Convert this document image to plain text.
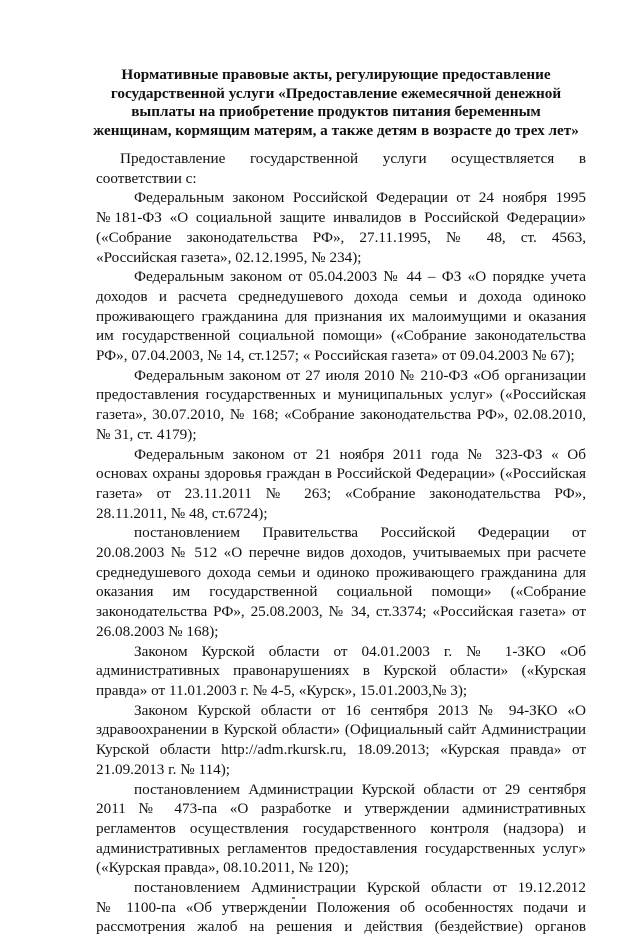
Нормативные правовые акты, регулирующие предоставление
государственной услуги «Предоставление ежемесячной денежной
выплаты на приобретение продуктов питания беременным
женщинам, кормящим матерям, а также детям в возрасте до трех лет»
Предоставление государственной услуги осуществляется в
соответствии с:
Федеральным законом Российской Федерации от 24 ноября 1995
№181-ФЗ «О социальной защите инвалидов в Российской Федерации»
(«Собрание законодательства РФ», 27.11.1995, № 48, ст. 4563,
«Российская газета», 02.12.1995, № 234);
Федеральным законом от 05.04.2003 № 44 – ФЗ «О порядке учета
доходов и расчета среднедушевого дохода семьи и дохода одиноко
проживающего гражданина для признания их малоимущими и оказания
им государственной социальной помощи» («Собрание законодательства
РФ», 07.04.2003, № 14, ст.1257; « Российская газета» от 09.04.2003 № 67);
Федеральным законом от 27 июля 2010 № 210-ФЗ «Об организации
предоставления государственных и муниципальных услуг» («Российская
газета», 30.07.2010, № 168; «Собрание законодательства РФ», 02.08.2010,
№ 31, ст. 4179);
Федеральным законом от 21 ноября 2011 года № 323-ФЗ « Об
основах охраны здоровья граждан в Российской Федерации» («Российская
газета» от 23.11.2011 № 263; «Собрание законодательства РФ»,
28.11.2011, № 48, ст.6724);
постановлением Правительства Российской Федерации от
20.08.2003 № 512 «О перечне видов доходов, учитываемых при расчете
среднедушевого дохода семьи и одиноко проживающего гражданина для
оказания им государственной социальной помощи» («Собрание
законодательства РФ», 25.08.2003, № 34, ст.3374; «Российская газета» от
26.08.2003 № 168);
Законом Курской области от 04.01.2003 г. № 1-ЗКО «Об
административных правонарушениях в Курской области» («Курская
правда» от 11.01.2003 г. № 4-5, «Курск», 15.01.2003,№ 3);
Законом Курской области от 16 сентября 2013 № 94-ЗКО «О
здравоохранении в Курской области» (Официальный сайт Администрации
Курской области http://adm.rkursk.ru, 18.09.2013; «Курская правда» от
21.09.2013 г. № 114);
постановлением Администрации Курской области от 29 сентября
2011 № 473-па «О разработке и утверждении административных
регламентов осуществления государственного контроля (надзора) и
административных регламентов предоставления государственных услуг»
(«Курская правда», 08.10.2011, № 120);
постановлением Администрации Курской области от 19.12.2012
№ 1100-па «Об утверждении Положения об особенностях подачи и
рассмотрения жалоб на решения и действия (бездействие) органов
